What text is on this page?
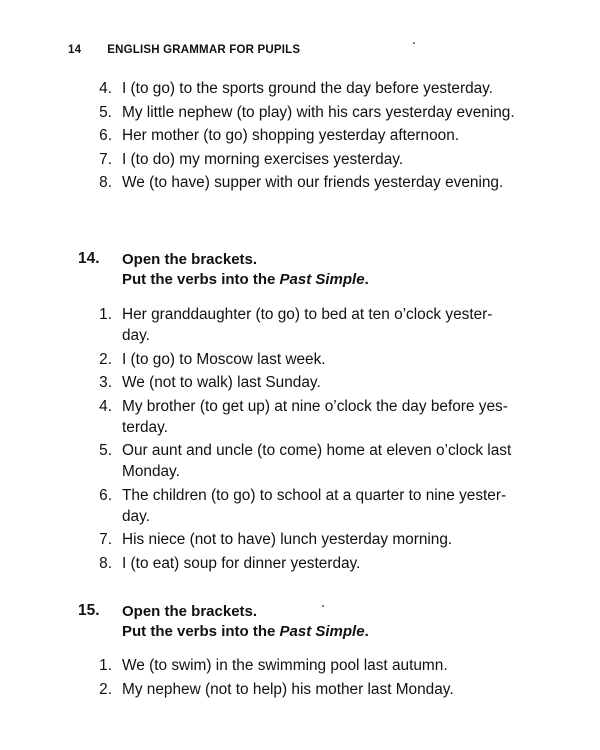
14 ENGLISH GRAMMAR FOR PUPILS
4. I (to go) to the sports ground the day before yesterday.
5. My little nephew (to play) with his cars yesterday evening.
6. Her mother (to go) shopping yesterday afternoon.
7. I (to do) my morning exercises yesterday.
8. We (to have) supper with our friends yesterday evening.
14. Open the brackets.
Put the verbs into the Past Simple.
1. Her granddaughter (to go) to bed at ten o’clock yester-
day.
2. I (to go) to Moscow last week.
3. We (not to walk) last Sunday.
4. My brother (to get up) at nine o’clock the day before yes-
terday.
5. Our aunt and uncle (to come) home at eleven o’clock last
Monday.
6. The children (to go) to school at a quarter to nine yester-
day.
7. His niece (not to have) lunch yesterday morning.
8. I (to eat) soup for dinner yesterday.
15. Open the brackets.
Put the verbs into the Past Simple.
1. We (to swim) in the swimming pool last autumn.
2. My nephew (not to help) his mother last Monday.
